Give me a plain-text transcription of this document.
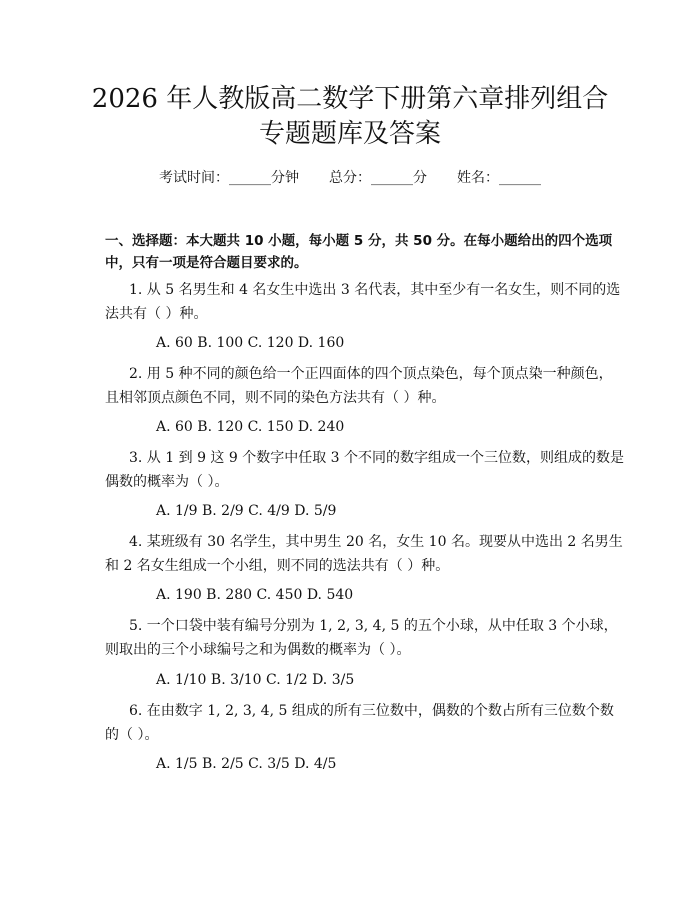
2026 年人教版高二数学下册第六章排列组合
专题题库及答案
考试时间：______分钟 总分：______分 姓名：______
一、选择题：本大题共 10 小题，每小题 5 分，共 50 分。在每小题给出的四个选项中，只有一项是符合题目要求的。
1. 从 5 名男生和 4 名女生中选出 3 名代表，其中至少有一名女生，则不同的选法共有（ ）种。
A. 60 B. 100 C. 120 D. 160
2. 用 5 种不同的颜色给一个正四面体的四个顶点染色，每个顶点染一种颜色，且相邻顶点颜色不同，则不同的染色方法共有（ ）种。
A. 60 B. 120 C. 150 D. 240
3. 从 1 到 9 这 9 个数字中任取 3 个不同的数字组成一个三位数，则组成的数是偶数的概率为（ ）。
A. 1/9 B. 2/9 C. 4/9 D. 5/9
4. 某班级有 30 名学生，其中男生 20 名，女生 10 名。现要从中选出 2 名男生和 2 名女生组成一个小组，则不同的选法共有（ ）种。
A. 190 B. 280 C. 450 D. 540
5. 一个口袋中装有编号分别为 1, 2, 3, 4, 5 的五个小球，从中任取 3 个小球，则取出的三个小球编号之和为偶数的概率为（ ）。
A. 1/10 B. 3/10 C. 1/2 D. 3/5
6. 在由数字 1, 2, 3, 4, 5 组成的所有三位数中，偶数的个数占所有三位数个数的（ ）。
A. 1/5 B. 2/5 C. 3/5 D. 4/5
